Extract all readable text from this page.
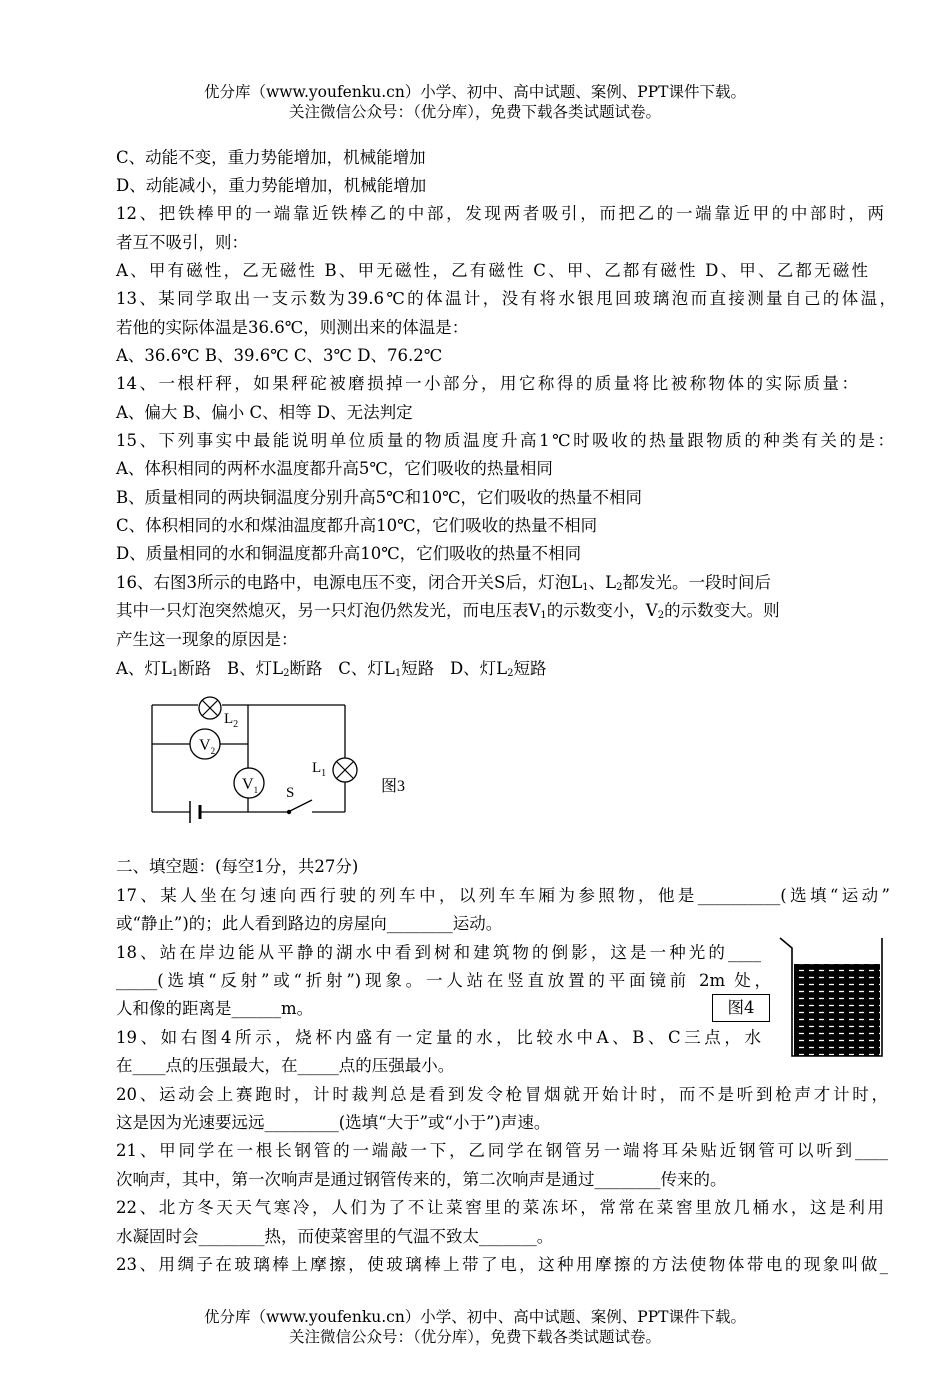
优分库（www.youfenku.cn）小学、初中、高中试题、案例、PPT课件下载。
关注微信公众号：（优分库），免费下载各类试题试卷。
C、动能不变，重力势能增加，机械能增加
D、动能减小，重力势能增加，机械能增加
12、把铁棒甲的一端靠近铁棒乙的中部，发现两者吸引，而把乙的一端靠近甲的中部时，两
者互不吸引，则：
A、甲有磁性，乙无磁性 B、甲无磁性，乙有磁性 C、甲、乙都有磁性 D、甲、乙都无磁性
13、某同学取出一支示数为39.6℃的体温计，没有将水银甩回玻璃泡而直接测量自己的体温，
若他的实际体温是36.6℃，则测出来的体温是：
A、36.6℃ B、39.6℃ C、3℃ D、76.2℃
14、一根杆秤，如果秤砣被磨损掉一小部分，用它称得的质量将比被称物体的实际质量：
A、偏大 B、偏小 C、相等 D、无法判定
15、下列事实中最能说明单位质量的物质温度升高1℃时吸收的热量跟物质的种类有关的是：
A、体积相同的两杯水温度都升高5℃，它们吸收的热量相同
B、质量相同的两块铜温度分别升高5℃和10℃，它们吸收的热量不相同
C、体积相同的水和煤油温度都升高10℃，它们吸收的热量不相同
D、质量相同的水和铜温度都升高10℃，它们吸收的热量不相同
16、右图3所示的电路中，电源电压不变，闭合开关S后，灯泡$L_1$、$L_2$都发光。一段时间后
其中一只灯泡突然熄灭，另一只灯泡仍然发光，而电压表$V_1$的示数变小，$V_2$的示数变大。则
产生这一现象的原因是：
A、灯$L_1$断路 B、灯$L_2$断路 C、灯$L_1$短路 D、灯$L_2$短路
$L_2$
$V_2$
$V_1$
$L_1$
S	图3
二、填空题：(每空1分，共27分)
17、某人坐在匀速向西行驶的列车中，以列车车厢为参照物，他是__________(选填“运动”
或“静止”)的；此人看到路边的房屋向________运动。
18、站在岸边能从平静的湖水中看到树和建筑物的倒影，这是一种光的____
_____(选填“反射”或“折射”)现象。一人站在竖直放置的平面镜前 2m 处，
人和像的距离是______m。
19、如右图4所示，烧杯内盛有一定量的水，比较水中A、B、C三点，水
在____点的压强最大，在_____点的压强最小。
图4
20、运动会上赛跑时，计时裁判总是看到发令枪冒烟就开始计时，而不是听到枪声才计时，
这是因为光速要远远_________(选填“大于”或“小于”)声速。
21、甲同学在一根长钢管的一端敲一下，乙同学在钢管另一端将耳朵贴近钢管可以听到____
次响声，其中，第一次响声是通过钢管传来的，第二次响声是通过________传来的。
22、北方冬天天气寒冷，人们为了不让菜窖里的菜冻坏，常常在菜窖里放几桶水，这是利用
水凝固时会________热，而使菜窖里的气温不致太_______。
23、用绸子在玻璃棒上摩擦，使玻璃棒上带了电，这种用摩擦的方法使物体带电的现象叫做_
优分库（www.youfenku.cn）小学、初中、高中试题、案例、PPT课件下载。
关注微信公众号：（优分库），免费下载各类试题试卷。
